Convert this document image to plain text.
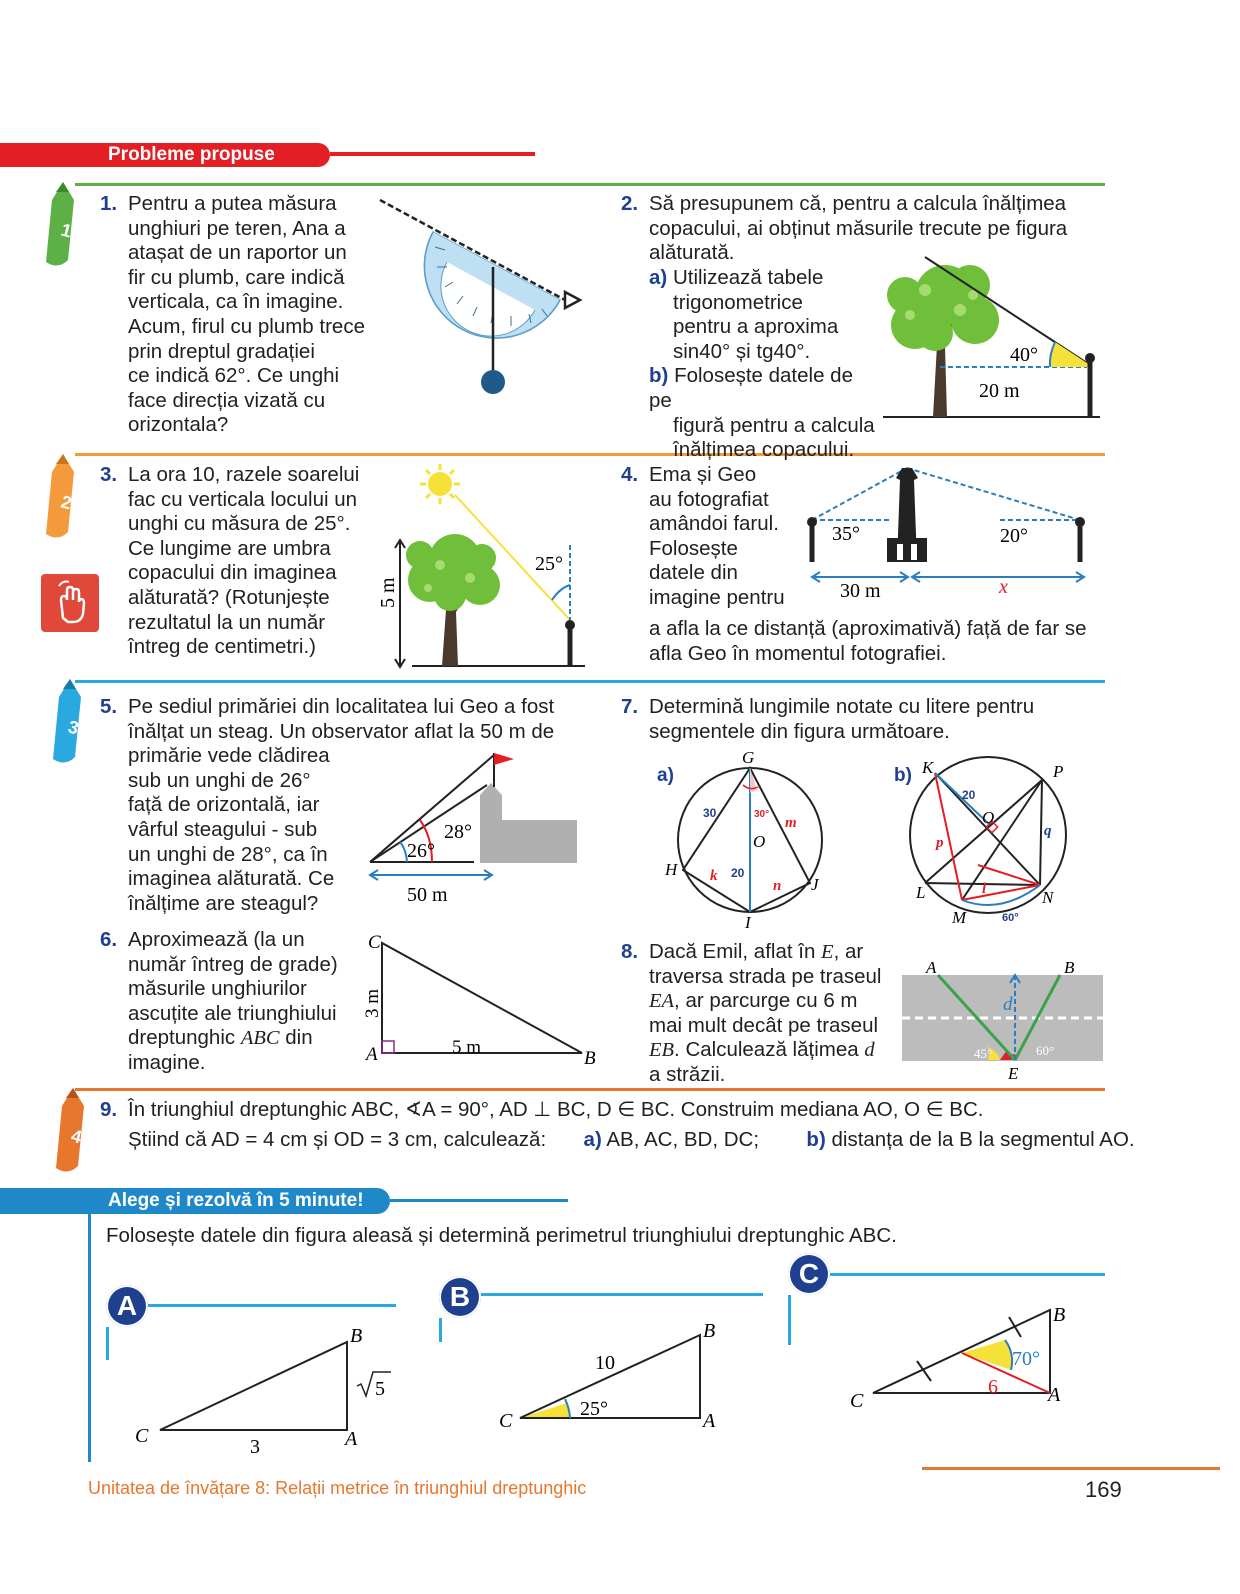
Probleme propuse
1
2
3
4
1. Pentru a putea măsura
unghiuri pe teren, Ana a
atașat de un raportor un
fir cu plumb, care indică
verticala, ca în imagine.
Acum, firul cu plumb trece
prin dreptul gradației
ce indică 62°. Ce unghi
face direcția vizată cu
orizontala?
2. Să presupunem că, pentru a calcula înălțimea
copacului, ai obținut măsurile trecute pe figura
alăturată.
a) Utilizează tabele
trigonometrice
pentru a aproxima
sin40° și tg40°.
b) Folosește datele de pe
figură pentru a calcula
înălțimea copacului.
40°
20 m
3. La ora 10, razele soarelui
fac cu verticala locului un
unghi cu măsura de 25°.
Ce lungime are umbra
copacului din imaginea
alăturată? (Rotunjește
rezultatul la un număr
întreg de centimetri.)
25°
5 m
4. Ema și Geo
au fotografiat
amândoi farul.
Folosește
datele din
imagine pentru
a afla la ce distanță (aproximativă) față de far se
afla Geo în momentul fotografiei.
35°	20°
30 m	x
5. Pe sediul primăriei din localitatea lui Geo a fost
înălțat un steag. Un observator aflat la 50 m de
primărie vede clădirea
sub un unghi de 26°
față de orizontală, iar
vârful steagului - sub
un unghi de 28°, ca în
imaginea alăturată. Ce
înălțime are steagul?
26°
28°
50 m
6. Aproximează (la un
număr întreg de grade)
măsurile unghiurilor
ascuțite ale triunghiului
dreptunghic ABC din
imagine.
C
A	B
3 m
5 m
7. Determină lungimile notate cu litere pentru
segmentele din figura următoare.
a)
G
O
H
I
J
30	30°
20
m
k
n
b) K	P
O
L
M
N
20
p
q
l
60°
8. Dacă Emil, aflat în E, ar
traversa strada pe traseul
EA, ar parcurge cu 6 m
mai mult decât pe traseul
EB. Calculează lățimea d
a străzii.
A	B
d
E
45°	60°
9. În triunghiul dreptunghic ABC, ∢A = 90°, AD ⊥ BC, D ∈ BC. Construim mediana AO, O ∈ BC.
Știind că AD = 4 cm și OD = 3 cm, calculează: a) AB, AC, BD, DC; b) distanța de la B la segmentul AO.
Alege și rezolvă în 5 minute!
Folosește datele din figura aleasă și determină perimetrul triunghiului dreptunghic ABC.
A
B
C	A
3
5
B
B
C	A
10
25°
C
B
C	A
6
70°
Unitatea de învățare 8: Relații metrice în triunghiul dreptunghic	169
